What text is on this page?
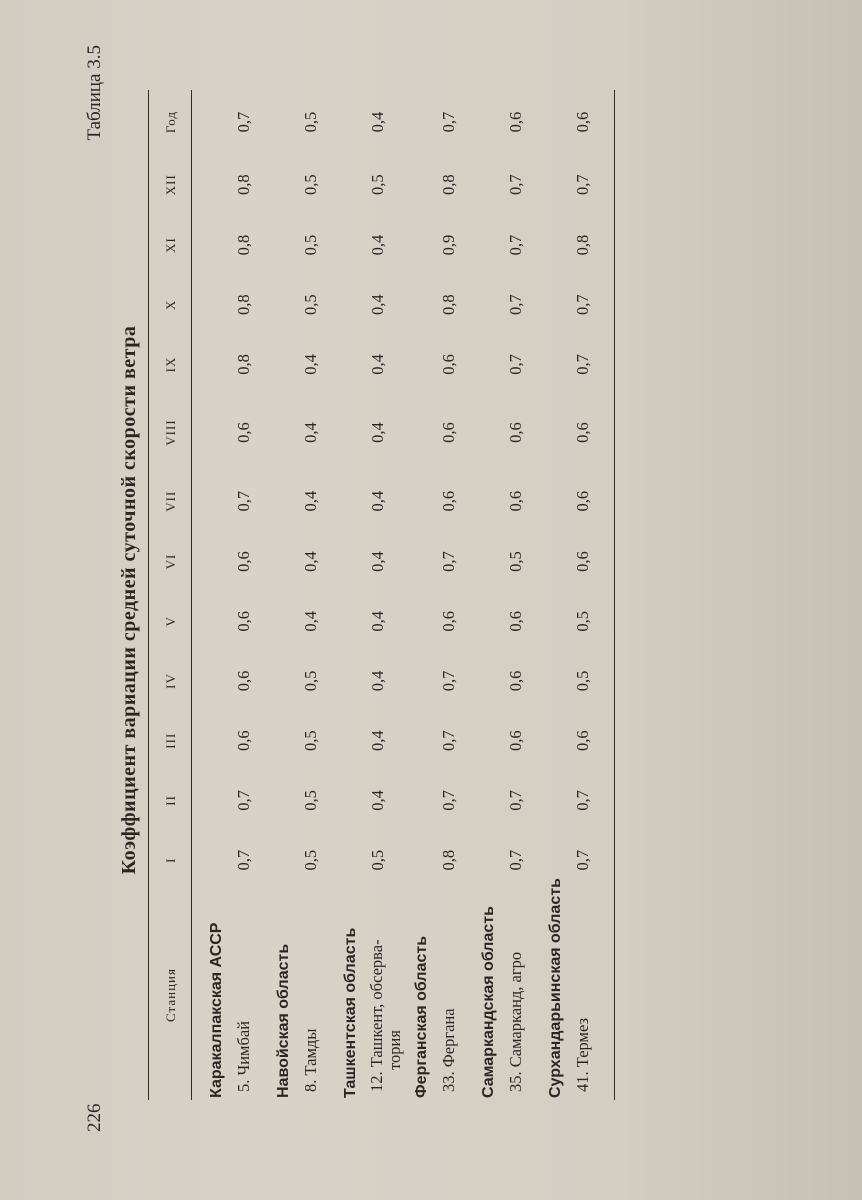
226
Таблица 3.5
Коэффициент вариации средней суточной скорости ветра
Станция	I	II	III	IV	V	VI	VII	VIII	IX	X	XI	XII	Год
Каракалпакская АССР													
5. Чимбай	0,7	0,7	0,6	0,6	0,6	0,6	0,7	0,6	0,8	0,8	0,8	0,8	0,7
Навойская область													
8. Тамды	0,5	0,5	0,5	0,5	0,4	0,4	0,4	0,4	0,4	0,5	0,5	0,5	0,5
Ташкентская область													
12. Ташкент, обсерва-
тория	0,5	0,4	0,4	0,4	0,4	0,4	0,4	0,4	0,4	0,4	0,4	0,5	0,4
Ферганская область													
33. Фергана	0,8	0,7	0,7	0,7	0,6	0,7	0,6	0,6	0,6	0,8	0,9	0,8	0,7
Самаркандская область													
35. Самарканд, агро	0,7	0,7	0,6	0,6	0,6	0,5	0,6	0,6	0,7	0,7	0,7	0,7	0,6
Сурхандарьинская область													
41. Термез	0,7	0,7	0,6	0,5	0,5	0,6	0,6	0,6	0,7	0,7	0,8	0,7	0,6
